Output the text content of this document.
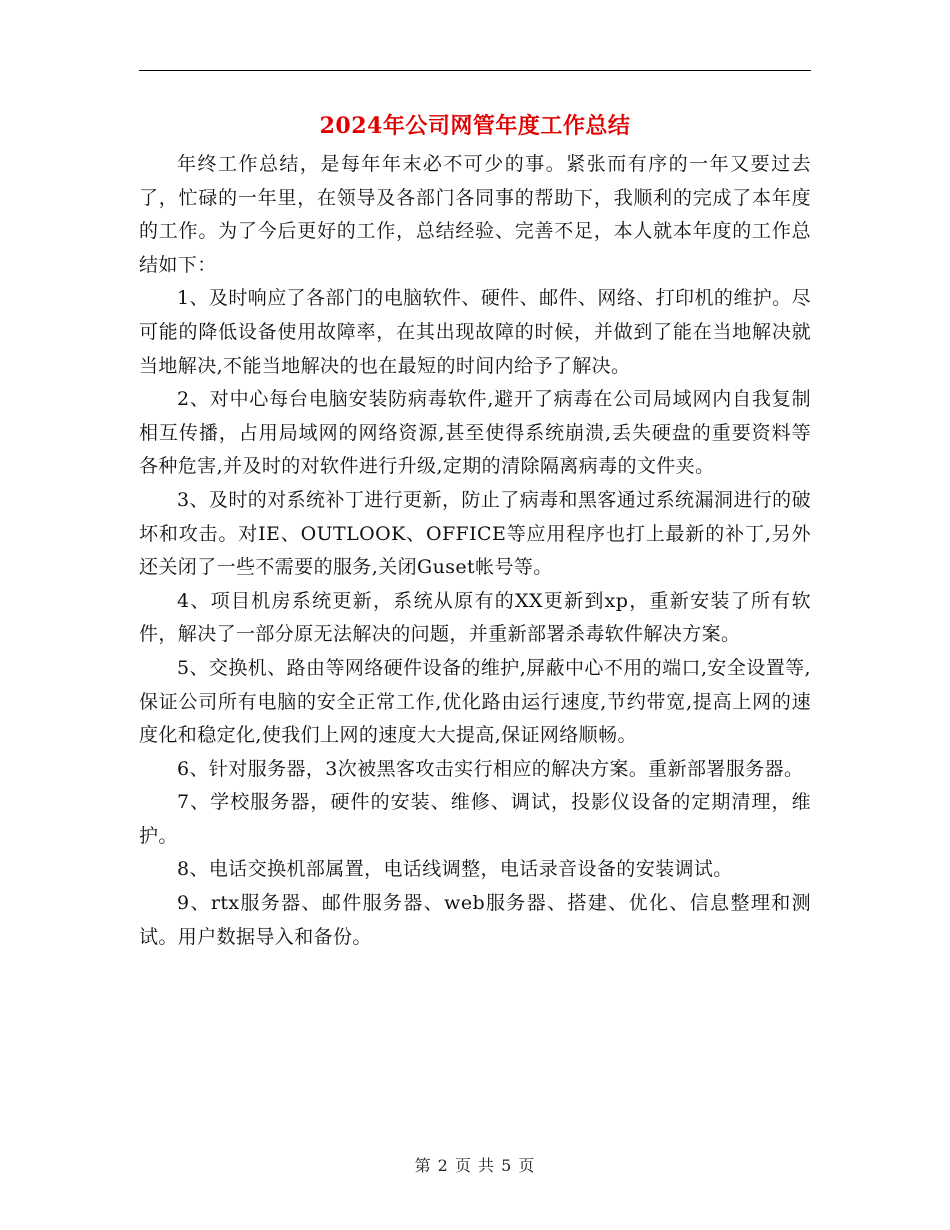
2024年公司网管年度工作总结

年终工作总结，是每年年末必不可少的事。紧张而有序的一年又要过去了，忙碌的一年里，在领导及各部门各同事的帮助下，我顺利的完成了本年度的工作。为了今后更好的工作，总结经验、完善不足，本人就本年度的工作总结如下：

1、及时响应了各部门的电脑软件、硬件、邮件、网络、打印机的维护。尽可能的降低设备使用故障率，在其出现故障的时候，并做到了能在当地解决就当地解决,不能当地解决的也在最短的时间内给予了解决。

2、对中心每台电脑安装防病毒软件,避开了病毒在公司局域网内自我复制相互传播，占用局域网的网络资源,甚至使得系统崩溃,丢失硬盘的重要资料等各种危害,并及时的对软件进行升级,定期的清除隔离病毒的文件夹。

3、及时的对系统补丁进行更新，防止了病毒和黑客通过系统漏洞进行的破坏和攻击。对IE、OUTLOOK、OFFICE等应用程序也打上最新的补丁,另外还关闭了一些不需要的服务,关闭Guset帐号等。

4、项目机房系统更新，系统从原有的XX更新到xp，重新安装了所有软件，解决了一部分原无法解决的问题，并重新部署杀毒软件解决方案。

5、交换机、路由等网络硬件设备的维护,屏蔽中心不用的端口,安全设置等,保证公司所有电脑的安全正常工作,优化路由运行速度,节约带宽,提高上网的速度化和稳定化,使我们上网的速度大大提高,保证网络顺畅。

6、针对服务器，3次被黑客攻击实行相应的解决方案。重新部署服务器。

7、学校服务器，硬件的安装、维修、调试，投影仪设备的定期清理，维护。

8、电话交换机部属置，电话线调整，电话录音设备的安装调试。

9、rtx服务器、邮件服务器、web服务器、搭建、优化、信息整理和测试。用户数据导入和备份。

第 2 页 共 5 页
